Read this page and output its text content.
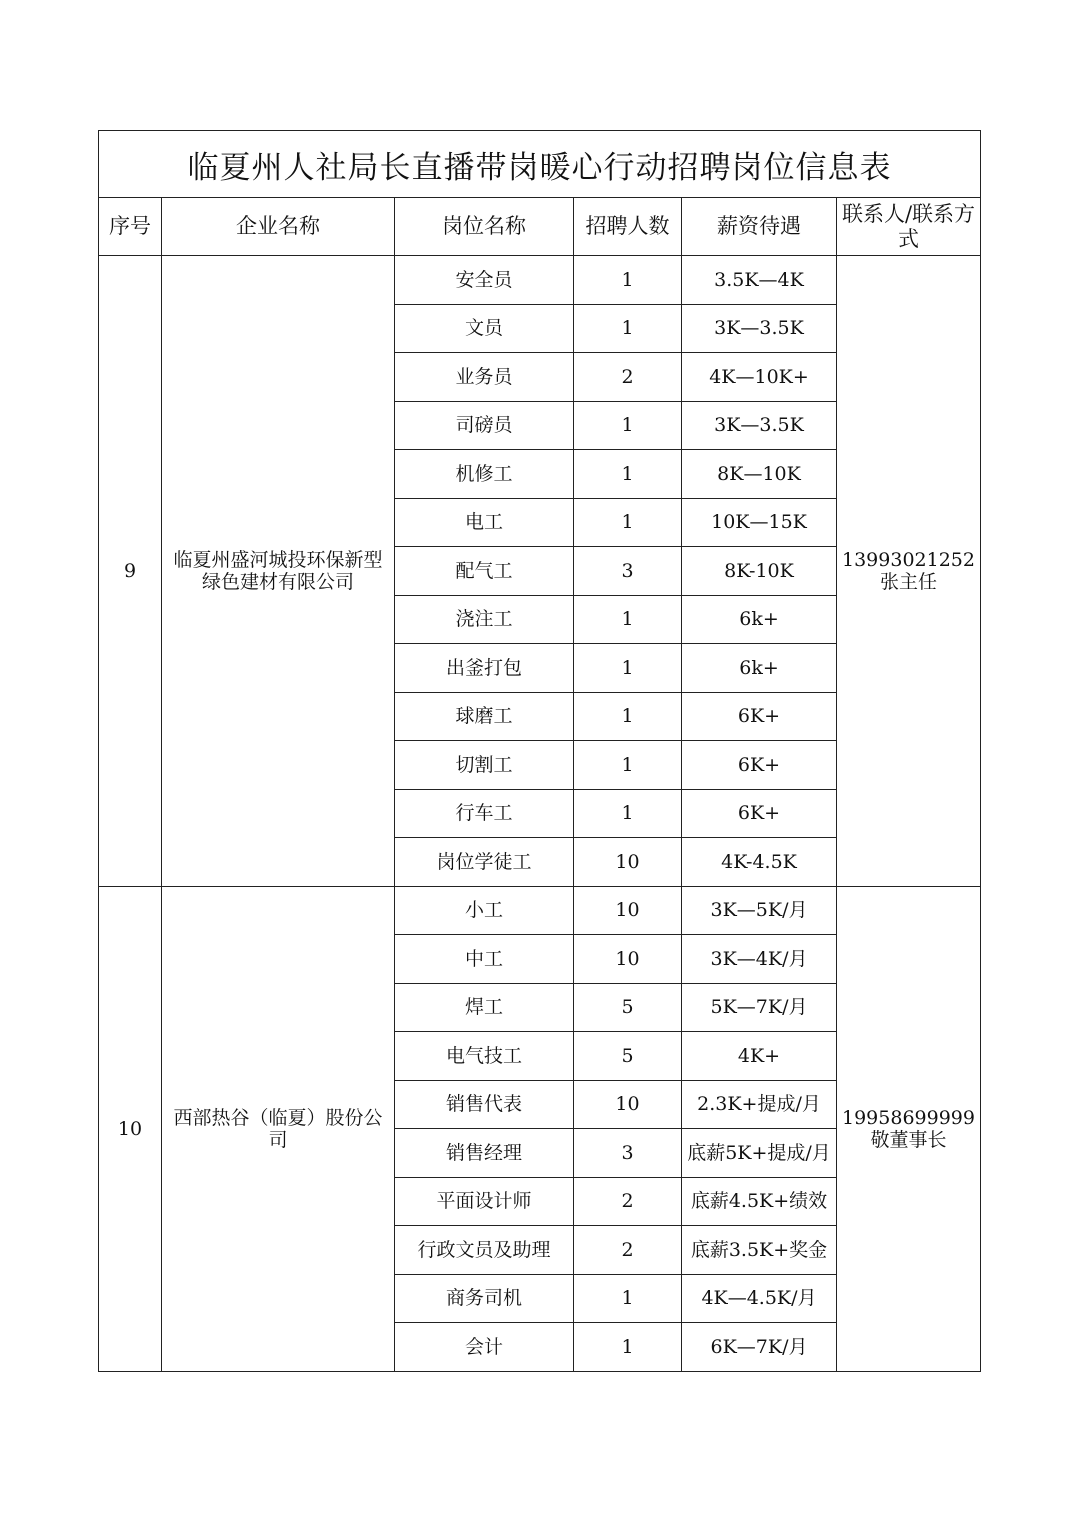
临夏州人社局长直播带岗暖心行动招聘岗位信息表					
序号	企业名称	岗位名称	招聘人数	薪资待遇	联系人/联系方式
9	临夏州盛河城投环保新型绿色建材有限公司	安全员	1	3.5K—4K	13993021252
张主任

		文员	1	3K—3.5K	
		业务员	2	4K—10K+	
		司磅员	1	3K—3.5K	
		机修工	1	8K—10K	
		电工	1	10K—15K	
		配气工	3	8K-10K	
		浇注工	1	6k+	
		出釜打包	1	6k+	
		球磨工	1	6K+	
		切割工	1	6K+	
		行车工	1	6K+	
		岗位学徒工	10	4K-4.5K	
10	西部热谷（临夏）股份公司	小工	10	3K—5K/月	19958699999
敬董事长

		中工	10	3K—4K/月	
		焊工	5	5K—7K/月	
		电气技工	5	4K+	
		销售代表	10	2.3K+提成/月	
		销售经理	3	底薪5K+提成/月	
		平面设计师	2	底薪4.5K+绩效	
		行政文员及助理	2	底薪3.5K+奖金	
		商务司机	1	4K—4.5K/月	
		会计	1	6K—7K/月	
